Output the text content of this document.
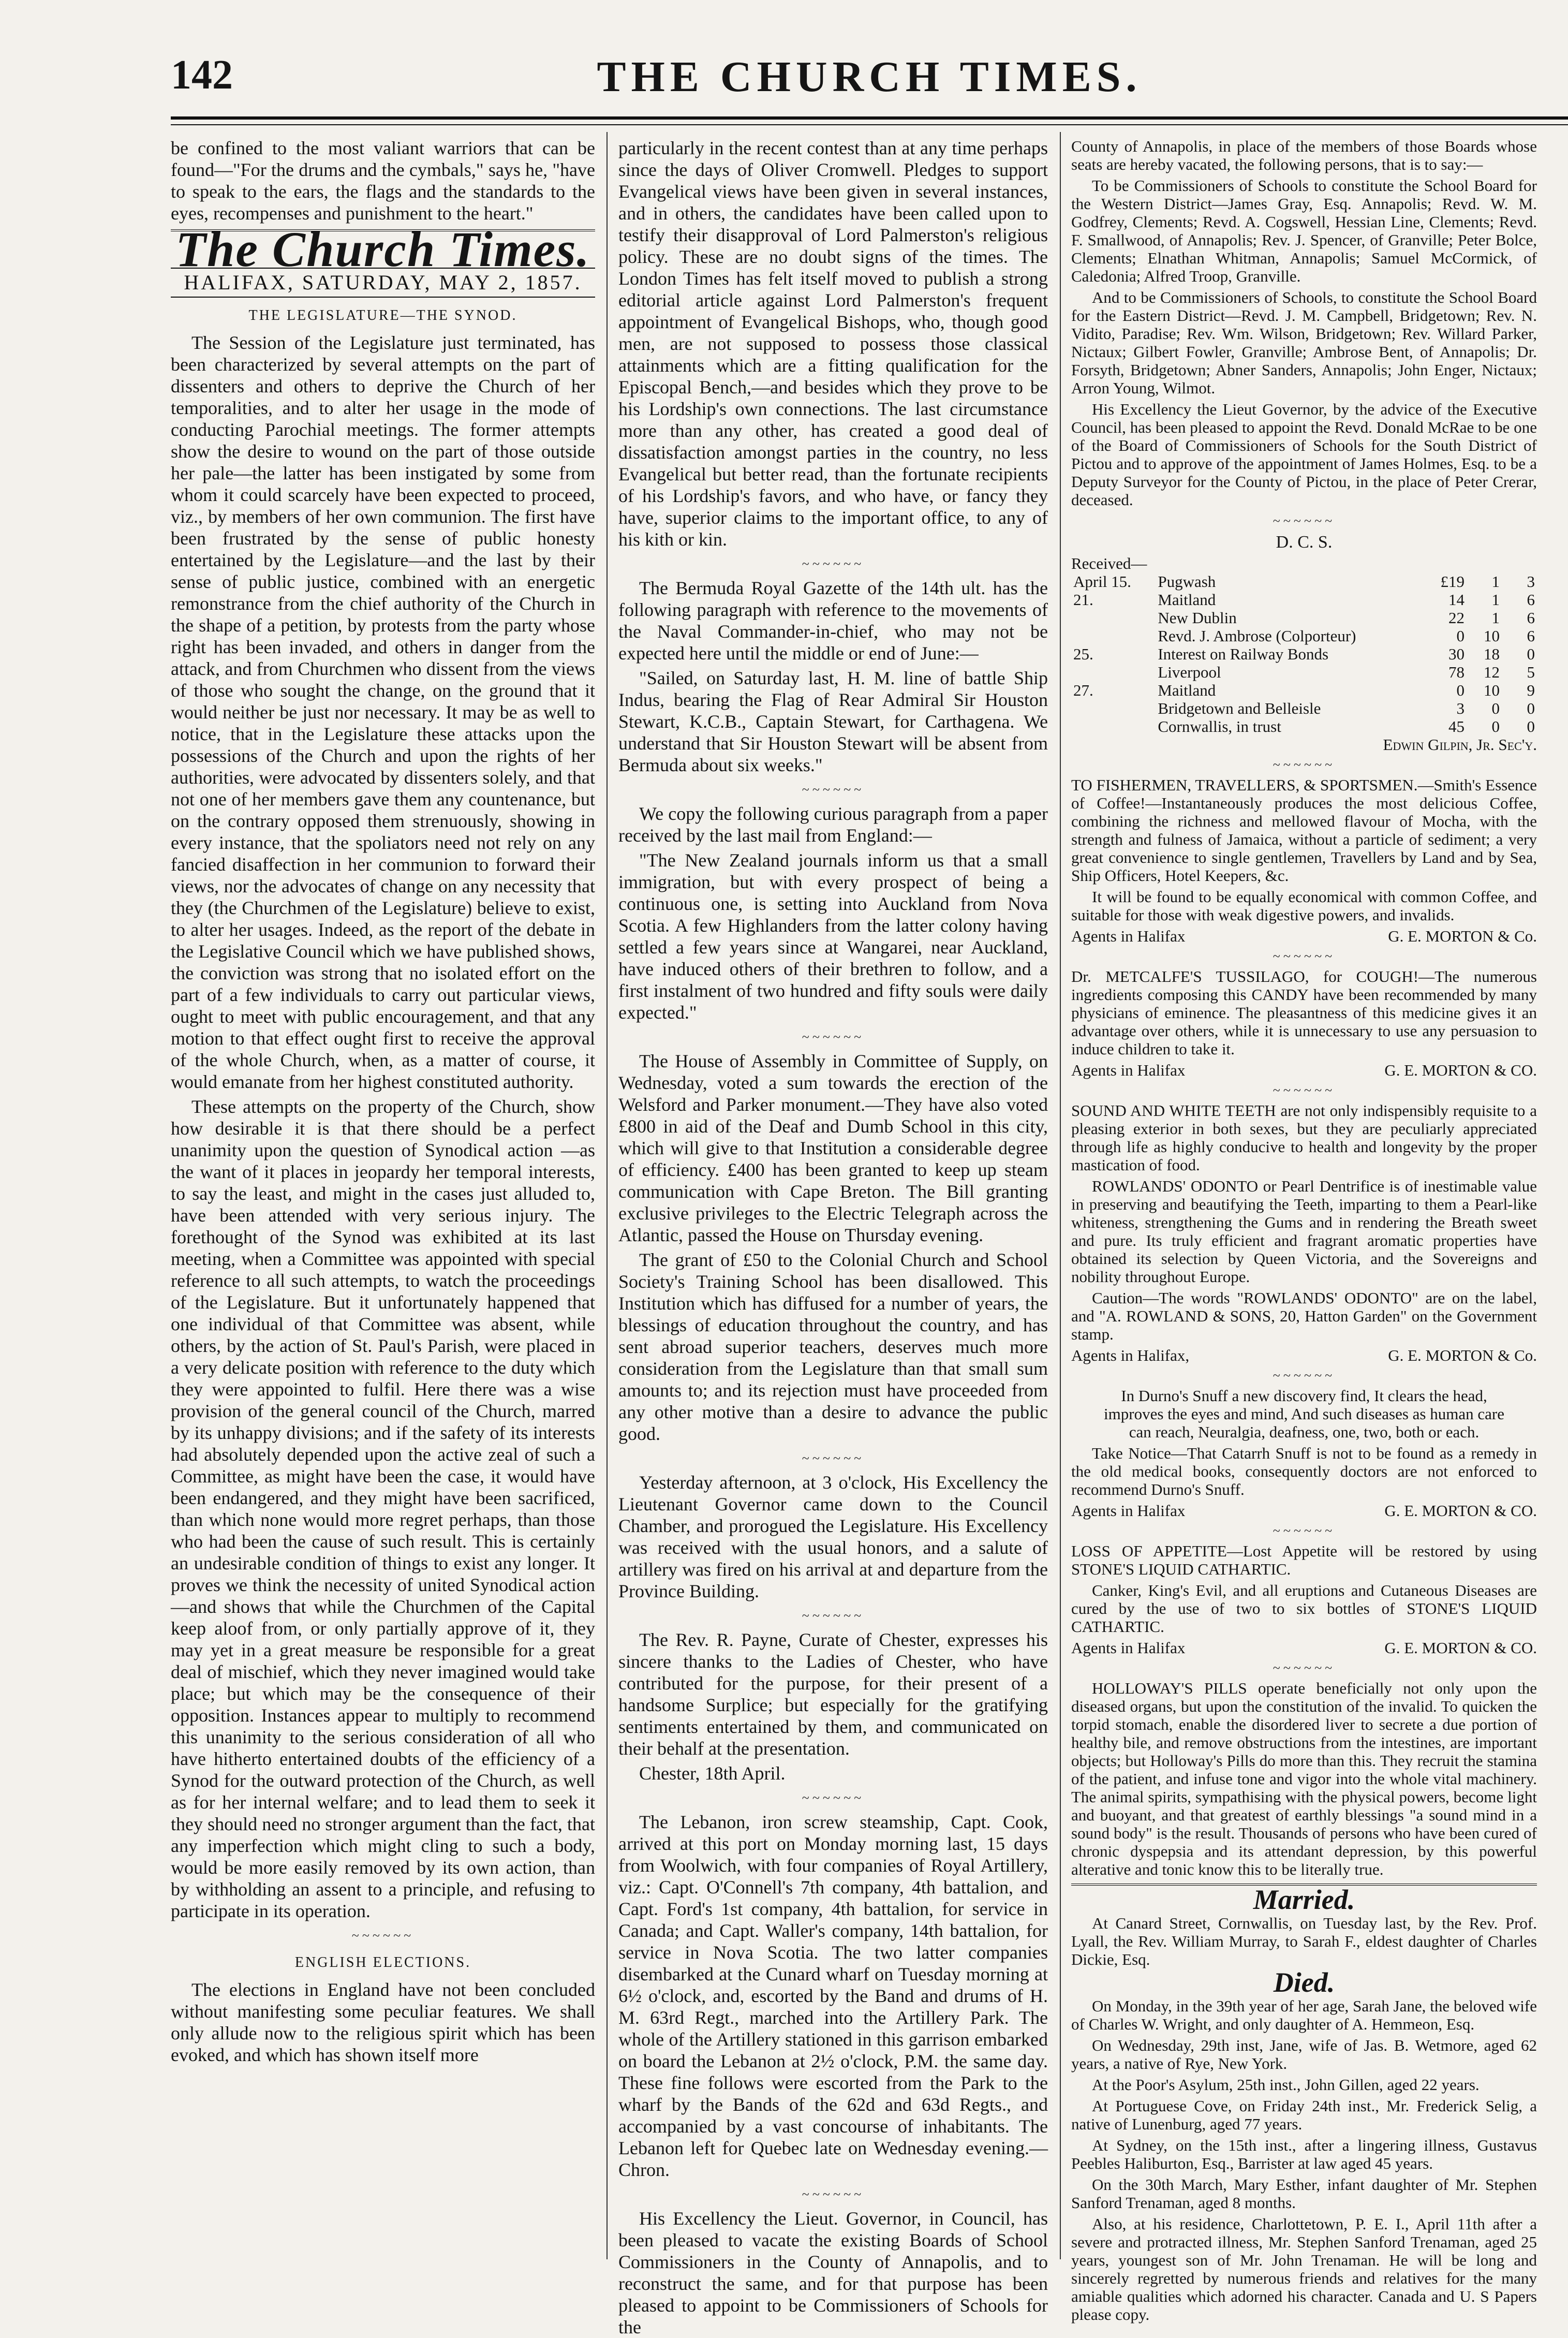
142	THE CHURCH TIMES.

be confined to the most valiant warriors that can be found—"For the drums and the cymbals," says he, "have to speak to the ears, the flags and the standards to the eyes, recompenses and punishment to the heart."

The Church Times.
HALIFAX, SATURDAY, MAY 2, 1857.
THE LEGISLATURE—THE SYNOD.

The Session of the Legislature just terminated, has been characterized by several attempts on the part of dissenters and others to deprive the Church of her temporalities, and to alter her usage in the mode of conducting Parochial meetings. The former attempts show the desire to wound on the part of those outside her pale—the latter has been instigated by some from whom it could scarcely have been expected to proceed, viz., by members of her own communion. The first have been frustrated by the sense of public honesty entertained by the Legislature—and the last by their sense of public justice, combined with an energetic remonstrance from the chief authority of the Church in the shape of a petition, by protests from the party whose right has been invaded, and others in danger from the attack, and from Churchmen who dissent from the views of those who sought the change, on the ground that it would neither be just nor necessary. It may be as well to notice, that in the Legislature these attacks upon the possessions of the Church and upon the rights of her authorities, were advocated by dissenters solely, and that not one of her members gave them any countenance, but on the contrary opposed them strenuously, showing in every instance, that the spoliators need not rely on any fancied disaffection in her communion to forward their views, nor the advocates of change on any necessity that they (the Churchmen of the Legislature) believe to exist, to alter her usages. Indeed, as the report of the debate in the Legislative Council which we have published shows, the conviction was strong that no isolated effort on the part of a few individuals to carry out particular views, ought to meet with public encouragement, and that any motion to that effect ought first to receive the approval of the whole Church, when, as a matter of course, it would emanate from her highest constituted authority.

These attempts on the property of the Church, show how desirable it is that there should be a perfect unanimity upon the question of Synodical action —as the want of it places in jeopardy her temporal interests, to say the least, and might in the cases just alluded to, have been attended with very serious injury. The forethought of the Synod was exhibited at its last meeting, when a Committee was appointed with special reference to all such attempts, to watch the proceedings of the Legislature. But it unfortunately happened that one individual of that Committee was absent, while others, by the action of St. Paul's Parish, were placed in a very delicate position with reference to the duty which they were appointed to fulfil. Here there was a wise provision of the general council of the Church, marred by its unhappy divisions; and if the safety of its interests had absolutely depended upon the active zeal of such a Committee, as might have been the case, it would have been endangered, and they might have been sacrificed, than which none would more regret perhaps, than those who had been the cause of such result. This is certainly an undesirable condition of things to exist any longer. It proves we think the necessity of united Synodical action—and shows that while the Churchmen of the Capital keep aloof from, or only partially approve of it, they may yet in a great measure be responsible for a great deal of mischief, which they never imagined would take place; but which may be the consequence of their opposition. Instances appear to multiply to recommend this unanimity to the serious consideration of all who have hitherto entertained doubts of the efficiency of a Synod for the outward protection of the Church, as well as for her internal welfare; and to lead them to seek it they should need no stronger argument than the fact, that any imperfection which might cling to such a body, would be more easily removed by its own action, than by withholding an assent to a principle, and refusing to participate in its operation.

~~~~~~
ENGLISH ELECTIONS.

The elections in England have not been concluded without manifesting some peculiar features. We shall only allude now to the religious spirit which has been evoked, and which has shown itself more

particularly in the recent contest than at any time perhaps since the days of Oliver Cromwell. Pledges to support Evangelical views have been given in several instances, and in others, the candidates have been called upon to testify their disapproval of Lord Palmerston's religious policy. These are no doubt signs of the times. The London Times has felt itself moved to publish a strong editorial article against Lord Palmerston's frequent appointment of Evangelical Bishops, who, though good men, are not supposed to possess those classical attainments which are a fitting qualification for the Episcopal Bench,—and besides which they prove to be his Lordship's own connections. The last circumstance more than any other, has created a good deal of dissatisfaction amongst parties in the country, no less Evangelical but better read, than the fortunate recipients of his Lordship's favors, and who have, or fancy they have, superior claims to the important office, to any of his kith or kin.

~~~~~~

The Bermuda Royal Gazette of the 14th ult. has the following paragraph with reference to the movements of the Naval Commander-in-chief, who may not be expected here until the middle or end of June:—

"Sailed, on Saturday last, H. M. line of battle Ship Indus, bearing the Flag of Rear Admiral Sir Houston Stewart, K.C.B., Captain Stewart, for Carthagena. We understand that Sir Houston Stewart will be absent from Bermuda about six weeks."

~~~~~~

We copy the following curious paragraph from a paper received by the last mail from England:—

"The New Zealand journals inform us that a small immigration, but with every prospect of being a continuous one, is setting into Auckland from Nova Scotia. A few Highlanders from the latter colony having settled a few years since at Wangarei, near Auckland, have induced others of their brethren to follow, and a first instalment of two hundred and fifty souls were daily expected."

~~~~~~

The House of Assembly in Committee of Supply, on Wednesday, voted a sum towards the erection of the Welsford and Parker monument.—They have also voted £800 in aid of the Deaf and Dumb School in this city, which will give to that Institution a considerable degree of efficiency. £400 has been granted to keep up steam communication with Cape Breton. The Bill granting exclusive privileges to the Electric Telegraph across the Atlantic, passed the House on Thursday evening.

The grant of £50 to the Colonial Church and School Society's Training School has been disallowed. This Institution which has diffused for a number of years, the blessings of education throughout the country, and has sent abroad superior teachers, deserves much more consideration from the Legislature than that small sum amounts to; and its rejection must have proceeded from any other motive than a desire to advance the public good.

~~~~~~

Yesterday afternoon, at 3 o'clock, His Excellency the Lieutenant Governor came down to the Council Chamber, and prorogued the Legislature. His Excellency was received with the usual honors, and a salute of artillery was fired on his arrival at and departure from the Province Building.

~~~~~~

The Rev. R. Payne, Curate of Chester, expresses his sincere thanks to the Ladies of Chester, who have contributed for the purpose, for their present of a handsome Surplice; but especially for the gratifying sentiments entertained by them, and communicated on their behalf at the presentation.

Chester, 18th April.

~~~~~~

The Lebanon, iron screw steamship, Capt. Cook, arrived at this port on Monday morning last, 15 days from Woolwich, with four companies of Royal Artillery, viz.: Capt. O'Connell's 7th company, 4th battalion, and Capt. Ford's 1st company, 4th battalion, for service in Canada; and Capt. Waller's company, 14th battalion, for service in Nova Scotia. The two latter companies disembarked at the Cunard wharf on Tuesday morning at 6½ o'clock, and, escorted by the Band and drums of H. M. 63rd Regt., marched into the Artillery Park. The whole of the Artillery stationed in this garrison embarked on board the Lebanon at 2½ o'clock, P.M. the same day. These fine follows were escorted from the Park to the wharf by the Bands of the 62d and 63d Regts., and accompanied by a vast concourse of inhabitants. The Lebanon left for Quebec late on Wednesday evening.—Chron.

~~~~~~

His Excellency the Lieut. Governor, in Council, has been pleased to vacate the existing Boards of School Commissioners in the County of Annapolis, and to reconstruct the same, and for that purpose has been pleased to appoint to be Commissioners of Schools for the

County of Annapolis, in place of the members of those Boards whose seats are hereby vacated, the following persons, that is to say:—

To be Commissioners of Schools to constitute the School Board for the Western District—James Gray, Esq. Annapolis; Revd. W. M. Godfrey, Clements; Revd. A. Cogswell, Hessian Line, Clements; Revd. F. Smallwood, of Annapolis; Rev. J. Spencer, of Granville; Peter Bolce, Clements; Elnathan Whitman, Annapolis; Samuel McCormick, of Caledonia; Alfred Troop, Granville.

And to be Commissioners of Schools, to constitute the School Board for the Eastern District—Revd. J. M. Campbell, Bridgetown; Rev. N. Vidito, Paradise; Rev. Wm. Wilson, Bridgetown; Rev. Willard Parker, Nictaux; Gilbert Fowler, Granville; Ambrose Bent, of Annapolis; Dr. Forsyth, Bridgetown; Abner Sanders, Annapolis; John Enger, Nictaux; Arron Young, Wilmot.

His Excellency the Lieut Governor, by the advice of the Executive Council, has been pleased to appoint the Revd. Donald McRae to be one of the Board of Commissioners of Schools for the South District of Pictou and to approve of the appointment of James Holmes, Esq. to be a Deputy Surveyor for the County of Pictou, in the place of Peter Crerar, deceased.

~~~~~~
D. C. S.
Received—
April 15.	Pugwash	£19	1	3
21.	Maitland	14	1	6
	New Dublin	22	1	6
	Revd. J. Ambrose (Colporteur)	0	10	6
25.	Interest on Railway Bonds	30	18	0
	Liverpool	78	12	5
27.	Maitland	0	10	9
	Bridgetown and Belleisle	3	0	0
	Cornwallis, in trust	45	0	0
Edwin Gilpin, Jr. Sec'y.
~~~~~~

TO FISHERMEN, TRAVELLERS, & SPORTSMEN.—Smith's Essence of Coffee!—Instantaneously produces the most delicious Coffee, combining the richness and mellowed flavour of Mocha, with the strength and fulness of Jamaica, without a particle of sediment; a very great convenience to single gentlemen, Travellers by Land and by Sea, Ship Officers, Hotel Keepers, &c.

It will be found to be equally economical with common Coffee, and suitable for those with weak digestive powers, and invalids.

Agents in Halifax	G. E. MORTON & Co.
~~~~~~

Dr. METCALFE'S TUSSILAGO, for COUGH!—The numerous ingredients composing this CANDY have been recommended by many physicians of eminence. The pleasantness of this medicine gives it an advantage over others, while it is unnecessary to use any persuasion to induce children to take it.

Agents in Halifax	G. E. MORTON & CO.
~~~~~~

SOUND AND WHITE TEETH are not only indispensibly requisite to a pleasing exterior in both sexes, but they are peculiarly appreciated through life as highly conducive to health and longevity by the proper mastication of food.

ROWLANDS' ODONTO or Pearl Dentrifice is of inestimable value in preserving and beautifying the Teeth, imparting to them a Pearl-like whiteness, strengthening the Gums and in rendering the Breath sweet and pure. Its truly efficient and fragrant aromatic properties have obtained its selection by Queen Victoria, and the Sovereigns and nobility throughout Europe.

Caution—The words "ROWLANDS' ODONTO" are on the label, and "A. ROWLAND & SONS, 20, Hatton Garden" on the Government stamp.

Agents in Halifax,	G. E. MORTON & Co.
~~~~~~

In Durno's Snuff a new discovery find, It clears the head, improves the eyes and mind, And such diseases as human care can reach, Neuralgia, deafness, one, two, both or each.

Take Notice—That Catarrh Snuff is not to be found as a remedy in the old medical books, consequently doctors are not enforced to recommend Durno's Snuff.

Agents in Halifax	G. E. MORTON & CO.
~~~~~~

LOSS OF APPETITE—Lost Appetite will be restored by using STONE'S LIQUID CATHARTIC.

Canker, King's Evil, and all eruptions and Cutaneous Diseases are cured by the use of two to six bottles of STONE'S LIQUID CATHARTIC.

Agents in Halifax	G. E. MORTON & CO.
~~~~~~

HOLLOWAY'S PILLS operate beneficially not only upon the diseased organs, but upon the constitution of the invalid. To quicken the torpid stomach, enable the disordered liver to secrete a due portion of healthy bile, and remove obstructions from the intestines, are important objects; but Holloway's Pills do more than this. They recruit the stamina of the patient, and infuse tone and vigor into the whole vital machinery. The animal spirits, sympathising with the physical powers, become light and buoyant, and that greatest of earthly blessings "a sound mind in a sound body" is the result. Thousands of persons who have been cured of chronic dyspepsia and its attendant depression, by this powerful alterative and tonic know this to be literally true.

Married.

At Canard Street, Cornwallis, on Tuesday last, by the Rev. Prof. Lyall, the Rev. William Murray, to Sarah F., eldest daughter of Charles Dickie, Esq.

Died.

On Monday, in the 39th year of her age, Sarah Jane, the beloved wife of Charles W. Wright, and only daughter of A. Hemmeon, Esq.

On Wednesday, 29th inst, Jane, wife of Jas. B. Wetmore, aged 62 years, a native of Rye, New York.

At the Poor's Asylum, 25th inst., John Gillen, aged 22 years.

At Portuguese Cove, on Friday 24th inst., Mr. Frederick Selig, a native of Lunenburg, aged 77 years.

At Sydney, on the 15th inst., after a lingering illness, Gustavus Peebles Haliburton, Esq., Barrister at law aged 45 years.

On the 30th March, Mary Esther, infant daughter of Mr. Stephen Sanford Trenaman, aged 8 months.

Also, at his residence, Charlottetown, P. E. I., April 11th after a severe and protracted illness, Mr. Stephen Sanford Trenaman, aged 25 years, youngest son of Mr. John Trenaman. He will be long and sincerely regretted by numerous friends and relatives for the many amiable qualities which adorned his character. Canada and U. S Papers please copy.
